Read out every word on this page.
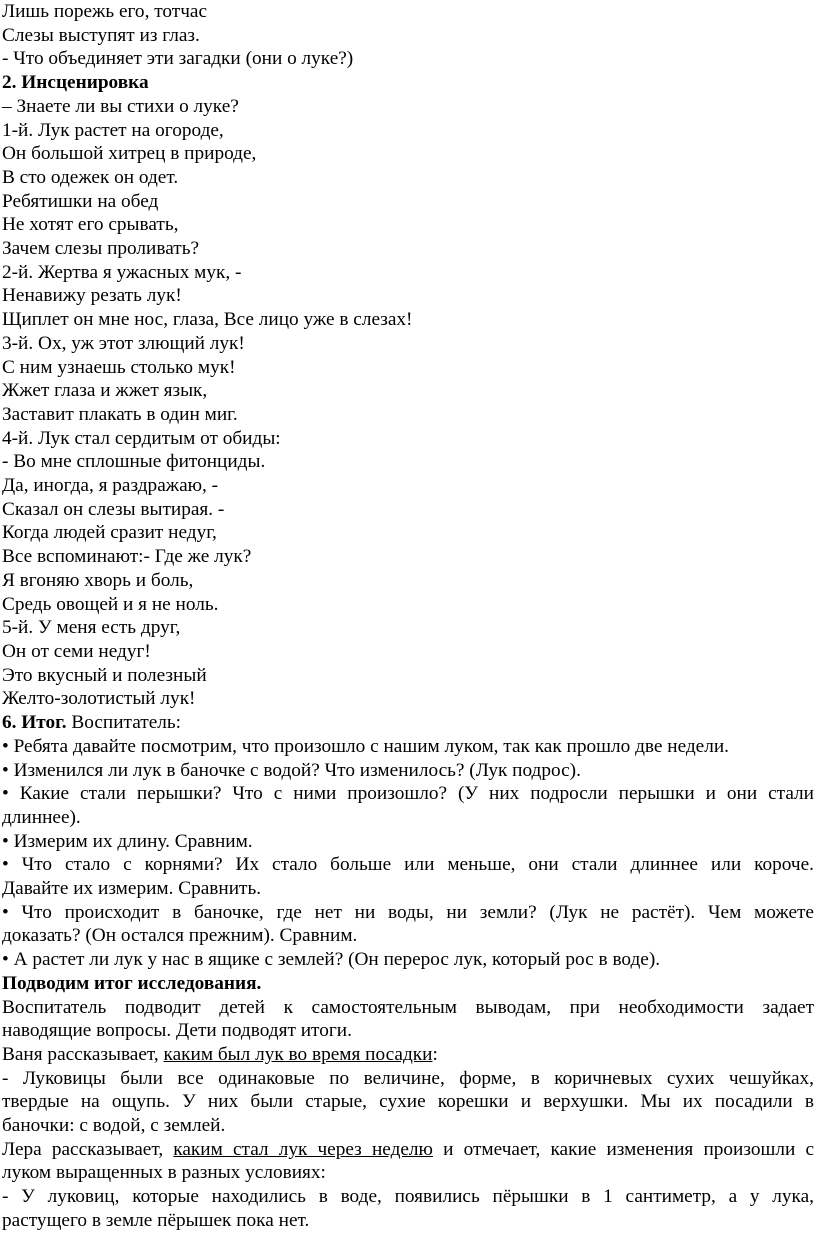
Лишь порежь его, тотчас

Слезы выступят из глаз.

- Что объединяет эти загадки (они о луке?)

2. Инсценировка

– Знаете ли вы стихи о луке?

1-й. Лук растет на огороде,

Он большой хитрец в природе,

В сто одежек он одет.

Ребятишки на обед

Не хотят его срывать,

Зачем слезы проливать?

2-й. Жертва я ужасных мук, -

Ненавижу резать лук!

Щиплет он мне нос, глаза, Все лицо уже в слезах!

3-й. Ох, уж этот злющий лук!

С ним узнаешь столько мук!

Жжет глаза и жжет язык,

Заставит плакать в один миг.

4-й. Лук стал сердитым от обиды:

- Во мне сплошные фитонциды.

Да, иногда, я раздражаю, -

Сказал он слезы вытирая. -

Когда людей сразит недуг,

Все вспоминают:- Где же лук?

Я вгоняю хворь и боль,

Средь овощей и я не ноль.

5-й. У меня есть друг,

Он от семи недуг!

Это вкусный и полезный

Желто-золотистый лук!

6. Итог. Воспитатель:

• Ребята давайте посмотрим, что произошло с нашим луком, так как прошло две недели.

• Изменился ли лук в баночке с водой? Что изменилось? (Лук подрос).

• Какие стали перышки? Что с ними произошло? (У них подросли перышки и они стали

длиннее).

• Измерим их длину. Сравним.

• Что стало с корнями? Их стало больше или меньше, они стали длиннее или короче.

Давайте их измерим. Сравнить.

• Что происходит в баночке, где нет ни воды, ни земли? (Лук не растёт). Чем можете

доказать? (Он остался прежним). Сравним.

• А растет ли лук у нас в ящике с землей? (Он перерос лук, который рос в воде).

Подводим итог исследования.

Воспитатель подводит детей к самостоятельным выводам, при необходимости задает

наводящие вопросы. Дети подводят итоги.

Ваня рассказывает, каким был лук во время посадки:

- Луковицы были все одинаковые по величине, форме, в коричневых сухих чешуйках,

твердые на ощупь. У них были старые, сухие корешки и верхушки. Мы их посадили в

баночки: с водой, с землей.

Лера рассказывает, каким стал лук через неделю и отмечает, какие изменения произошли с

луком выращенных в разных условиях:

- У луковиц, которые находились в воде, появились пёрышки в 1 сантиметр, а у лука,

растущего в земле пёрышек пока нет.
